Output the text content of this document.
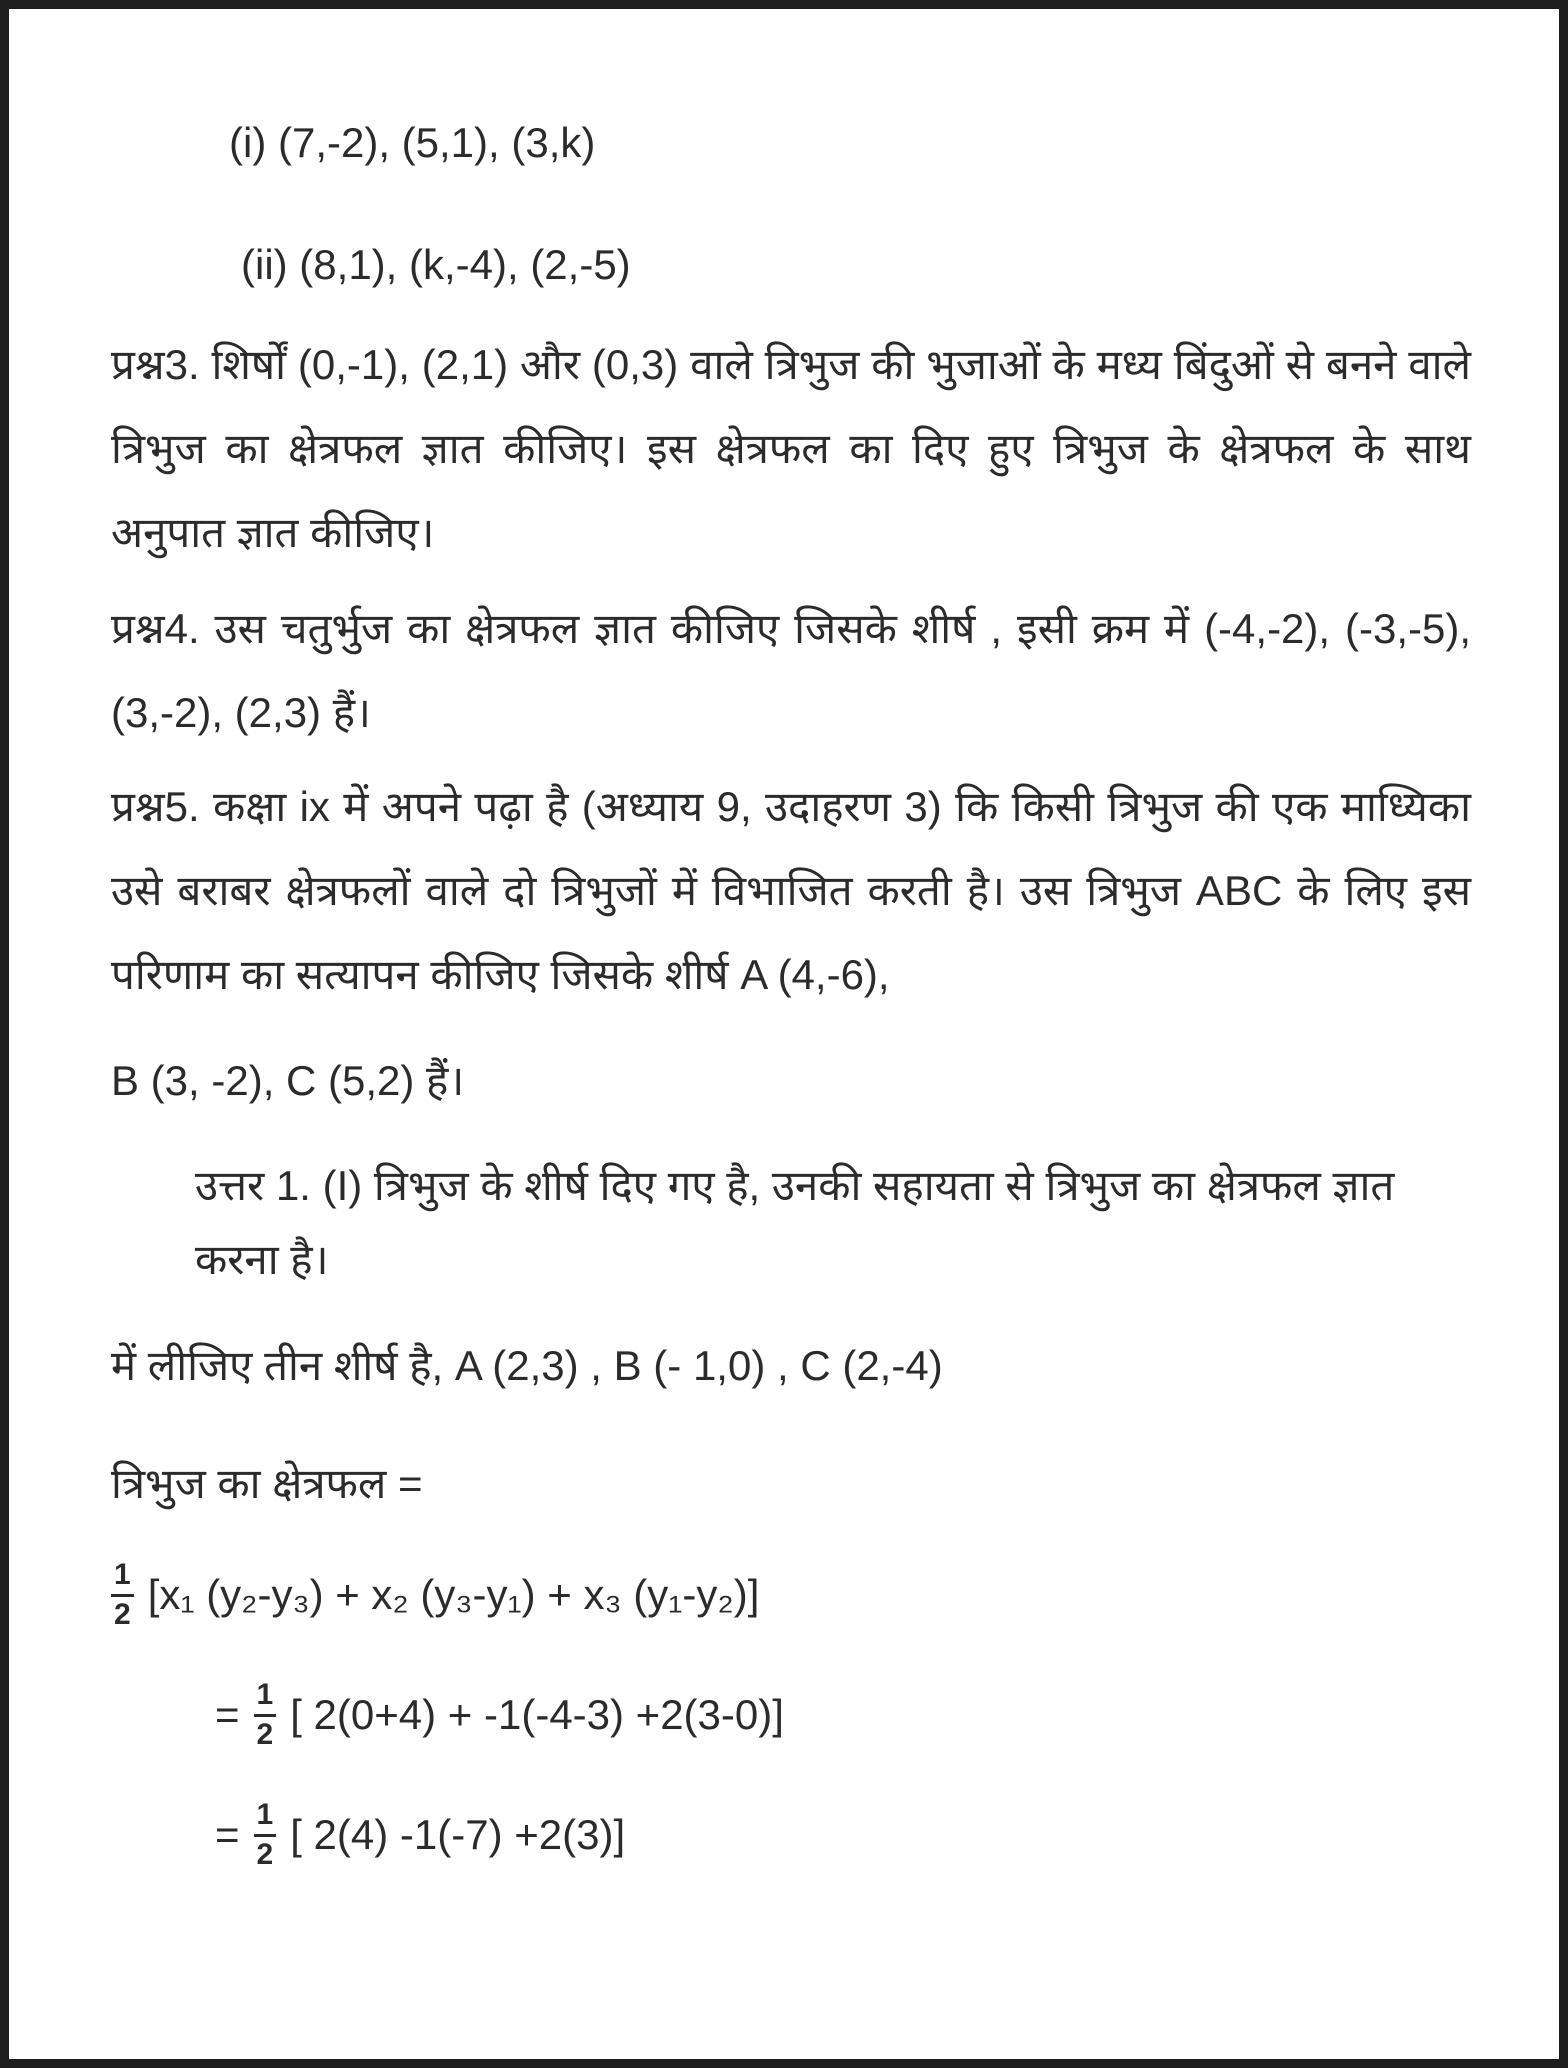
(i) (7,-2), (5,1), (3,k)

(ii) (8,1), (k,-4), (2,-5)

प्रश्न3. शिर्षों (0,-1), (2,1) और (0,3) वाले त्रिभुज की भुजाओं के मध्य बिंदुओं से बनने वाले त्रिभुज का क्षेत्रफल ज्ञात कीजिए। इस क्षेत्रफल का दिए हुए त्रिभुज के क्षेत्रफल के साथ अनुपात ज्ञात कीजिए।

प्रश्न4. उस चतुर्भुज का क्षेत्रफल ज्ञात कीजिए जिसके शीर्ष , इसी क्रम में (-4,-2), (-3,-5), (3,-2), (2,3) हैं।

प्रश्न5. कक्षा ix में अपने पढ़ा है (अध्याय 9, उदाहरण 3) कि किसी त्रिभुज की एक माध्यिका उसे बराबर क्षेत्रफलों वाले दो त्रिभुजों में विभाजित करती है। उस त्रिभुज ABC के लिए इस परिणाम का सत्यापन कीजिए जिसके शीर्ष A (4,-6),

B (3, -2), C (5,2) हैं।

उत्तर 1. (I) त्रिभुज के शीर्ष दिए गए है, उनकी सहायता से त्रिभुज का क्षेत्रफल ज्ञात करना है।

में लीजिए तीन शीर्ष है, A (2,3) , B (- 1,0) , C (2,-4)

त्रिभुज का क्षेत्रफल =

$\frac{1}{2} [x_1$ (y₂-y₃) + x₂ (y₃-y₁) + x₃ (y₁-y₂)]
= $\frac{1}{2}$ [ 2(0+4) + -1(-4-3) +2(3-0)]
= $\frac{1}{2}$ [ 2(4) -1(-7) +2(3)]
